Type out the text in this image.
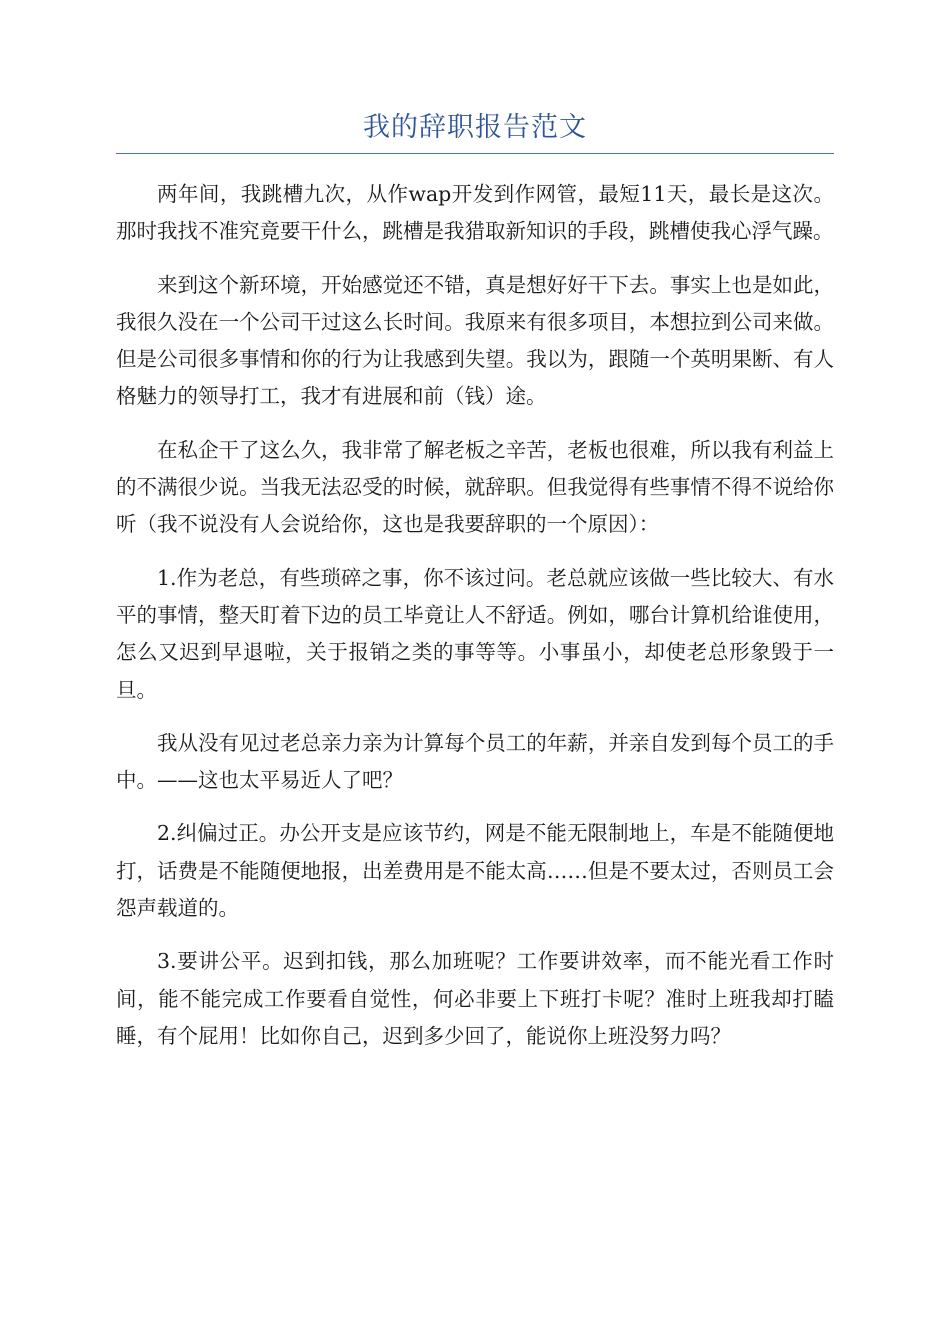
我的辞职报告范文

两年间，我跳槽九次，从作wap开发到作网管，最短11天，最长是这次。那时我找不准究竟要干什么，跳槽是我猎取新知识的手段，跳槽使我心浮气躁。

来到这个新环境，开始感觉还不错，真是想好好干下去。事实上也是如此，我很久没在一个公司干过这么长时间。我原来有很多项目，本想拉到公司来做。但是公司很多事情和你的行为让我感到失望。我以为，跟随一个英明果断、有人格魅力的领导打工，我才有进展和前（钱）途。

在私企干了这么久，我非常了解老板之辛苦，老板也很难，所以我有利益上的不满很少说。当我无法忍受的时候，就辞职。但我觉得有些事情不得不说给你听（我不说没有人会说给你，这也是我要辞职的一个原因）：

1.作为老总，有些琐碎之事，你不该过问。老总就应该做一些比较大、有水平的事情，整天盯着下边的员工毕竟让人不舒适。例如，哪台计算机给谁使用，怎么又迟到早退啦，关于报销之类的事等等。小事虽小，却使老总形象毁于一旦。

我从没有见过老总亲力亲为计算每个员工的年薪，并亲自发到每个员工的手中。——这也太平易近人了吧？

2.纠偏过正。办公开支是应该节约，网是不能无限制地上，车是不能随便地打，话费是不能随便地报，出差费用是不能太高……但是不要太过，否则员工会怨声载道的。

3.要讲公平。迟到扣钱，那么加班呢？工作要讲效率，而不能光看工作时间，能不能完成工作要看自觉性，何必非要上下班打卡呢？准时上班我却打瞌睡，有个屁用！比如你自己，迟到多少回了，能说你上班没努力吗？
